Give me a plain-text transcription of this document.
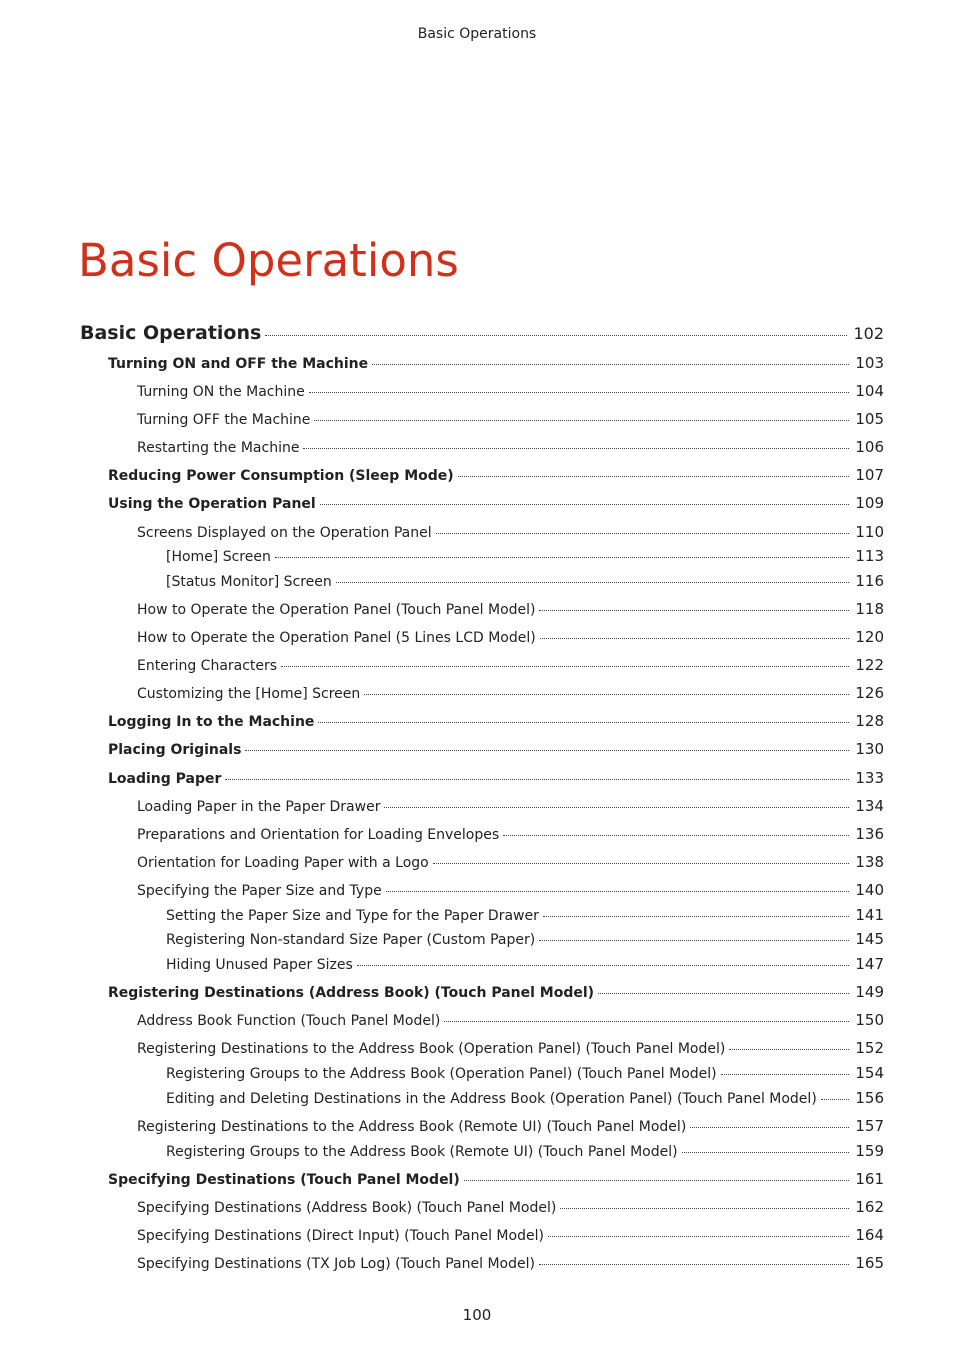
Basic Operations
Basic Operations
Basic Operations	102
Turning ON and OFF the Machine	103
Turning ON the Machine	104
Turning OFF the Machine	105
Restarting the Machine	106
Reducing Power Consumption (Sleep Mode)	107
Using the Operation Panel	109
Screens Displayed on the Operation Panel	110
[Home] Screen	113
[Status Monitor] Screen	116
How to Operate the Operation Panel (Touch Panel Model)	118
How to Operate the Operation Panel (5 Lines LCD Model)	120
Entering Characters	122
Customizing the [Home] Screen	126
Logging In to the Machine	128
Placing Originals	130
Loading Paper	133
Loading Paper in the Paper Drawer	134
Preparations and Orientation for Loading Envelopes	136
Orientation for Loading Paper with a Logo	138
Specifying the Paper Size and Type	140
Setting the Paper Size and Type for the Paper Drawer	141
Registering Non-standard Size Paper (Custom Paper)	145
Hiding Unused Paper Sizes	147
Registering Destinations (Address Book) (Touch Panel Model)	149
Address Book Function (Touch Panel Model)	150
Registering Destinations to the Address Book (Operation Panel) (Touch Panel Model)	152
Registering Groups to the Address Book (Operation Panel) (Touch Panel Model)	154
Editing and Deleting Destinations in the Address Book (Operation Panel) (Touch Panel Model)	156
Registering Destinations to the Address Book (Remote UI) (Touch Panel Model)	157
Registering Groups to the Address Book (Remote UI) (Touch Panel Model)	159
Specifying Destinations (Touch Panel Model)	161
Specifying Destinations (Address Book) (Touch Panel Model)	162
Specifying Destinations (Direct Input) (Touch Panel Model)	164
Specifying Destinations (TX Job Log) (Touch Panel Model)	165
100
